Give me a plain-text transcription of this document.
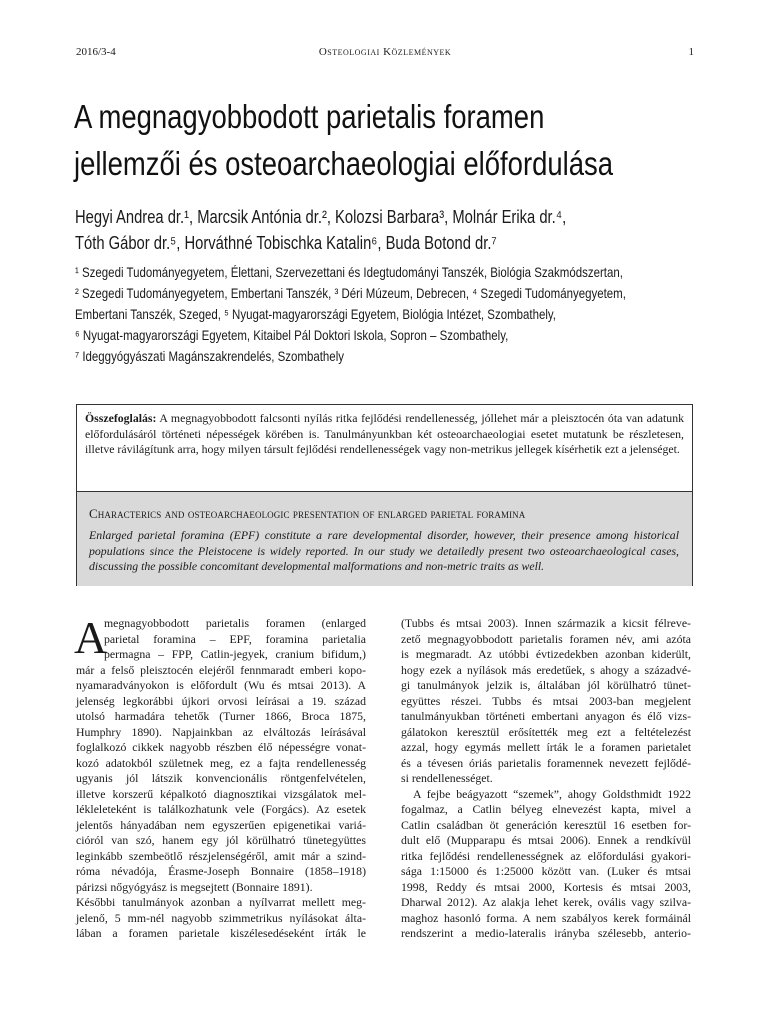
2016/3-4	Osteologiai Közlemények	1
A megnagyobbodott parietalis foramen
jellemzői és osteoarchaeologiai előfordulása
Hegyi Andrea dr.¹, Marcsik Antónia dr.², Kolozsi Barbara³, Molnár Erika dr.⁴,
Tóth Gábor dr.⁵, Horváthné Tobischka Katalin⁶, Buda Botond dr.⁷
¹ Szegedi Tudományegyetem, Élettani, Szervezettani és Idegtudományi Tanszék, Biológia Szakmódszertan,
² Szegedi Tudományegyetem, Embertani Tanszék, ³ Déri Múzeum, Debrecen, ⁴ Szegedi Tudományegyetem,
Embertani Tanszék, Szeged, ⁵ Nyugat-magyarországi Egyetem, Biológia Intézet, Szombathely,
⁶ Nyugat-magyarországi Egyetem, Kitaibel Pál Doktori Iskola, Sopron – Szombathely,
⁷ Ideggyógyászati Magánszakrendelés, Szombathely
Összefoglalás: A megnagyobbodott falcsonti nyílás ritka fejlődési rendellenesség, jóllehet már a pleisztocén óta van adatunk előfordulásáról történeti népességek körében is. Tanulmányunkban két osteoarchaeologiai esetet mutatunk be részletesen, illetve rávilágítunk arra, hogy milyen társult fejlődési rendellenességek vagy non-metrikus jellegek kísérhetik ezt a jelenséget.
Characterics and osteoarchaeologic presentation of enlarged parietal foramina
Enlarged parietal foramina (EPF) constitute a rare developmental disorder, however, their presence among historical populations since the Pleistocene is widely reported. In our study we detailedly present two osteoarchaeological cases, discussing the possible concomitant developmental malformations and non-metric traits as well.
A
megnagyobbodott parietalis foramen (enlarged
parietal foramina – EPF, foramina parietalia
permagna – FPP, Catlin-jegyek, cranium bifidum,)
már a felső pleisztocén elejéről fennmaradt emberi kopo-
nyamaradványokon is előfordult (Wu és mtsai 2013). A
jelenség legkorábbi újkori orvosi leírásai a 19. század
utolsó harmadára tehetők (Turner 1866, Broca 1875,
Humphry 1890). Napjainkban az elváltozás leírásával
foglalkozó cikkek nagyobb részben élő népességre vonat-
kozó adatokból születnek meg, ez a fajta rendellenesség
ugyanis jól látszik konvencionális röntgenfelvételen,
illetve korszerű képalkotó diagnosztikai vizsgálatok mel-
lékleleteként is találkozhatunk vele (Forgács). Az esetek
jelentős hányadában nem egyszerűen epigenetikai variá-
cióról van szó, hanem egy jól körülhatró tünetegyüttes
leginkább szembeötlő részjelenségéről, amit már a szind-
róma névadója, Érasme-Joseph Bonnaire (1858–1918)
párizsi nőgyógyász is megsejtett (Bonnaire 1891).
Későbbi tanulmányok azonban a nyílvarrat mellett meg-
jelenő, 5 mm-nél nagyobb szimmetrikus nyílásokat álta-
lában a foramen parietale kiszélesedéseként írták le
(Tubbs és mtsai 2003). Innen származik a kicsit félreve-
zető megnagyobbodott parietalis foramen név, ami azóta
is megmaradt. Az utóbbi évtizedekben azonban kiderült,
hogy ezek a nyílások más eredetűek, s ahogy a századvé-
gi tanulmányok jelzik is, általában jól körülhatró tünet-
együttes részei. Tubbs és mtsai 2003-ban megjelent
tanulmányukban történeti embertani anyagon és élő vizs-
gálatokon keresztül erősítették meg ezt a feltételezést
azzal, hogy egymás mellett írták le a foramen parietalet
és a tévesen óriás parietalis foramennek nevezett fejlődé-
si rendellenességet.
A fejbe beágyazott “szemek”, ahogy Goldsthmidt 1922
fogalmaz, a Catlin bélyeg elnevezést kapta, mivel a
Catlin családban öt generáción keresztül 16 esetben for-
dult elő (Mupparapu és mtsai 2006). Ennek a rendkívül
ritka fejlődési rendellenességnek az előfordulási gyakori-
sága 1:15000 és 1:25000 között van. (Luker és mtsai
1998, Reddy és mtsai 2000, Kortesis és mtsai 2003,
Dharwal 2012). Az alakja lehet kerek, ovális vagy szilva-
maghoz hasonló forma. A nem szabályos kerek formáinál
rendszerint a medio-lateralis irányba szélesebb, anterio-
